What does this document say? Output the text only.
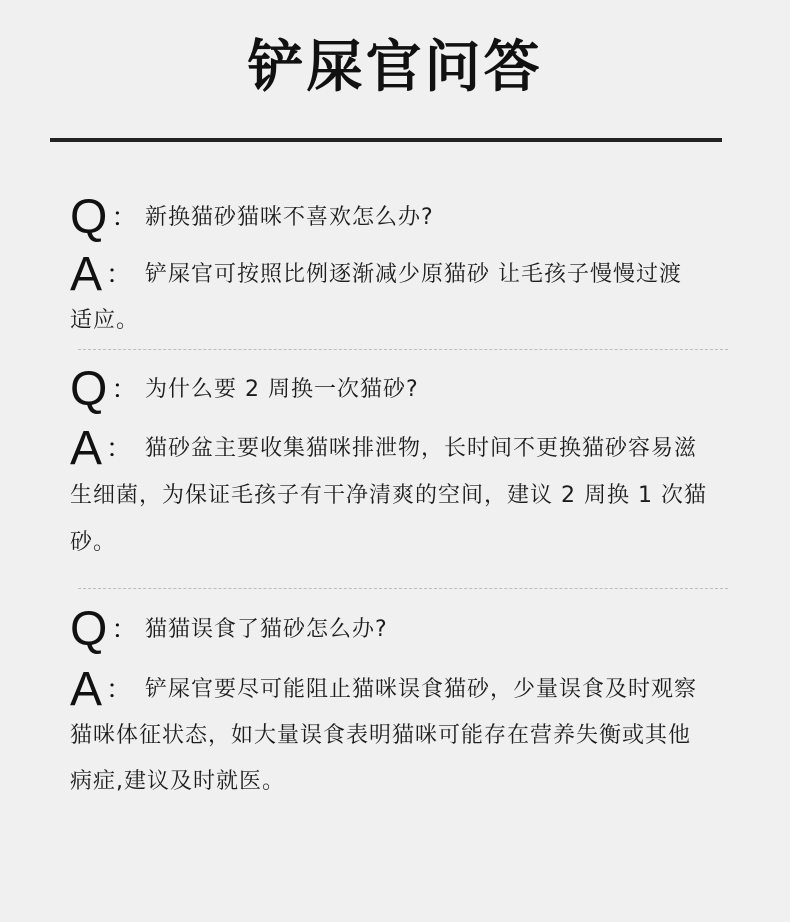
铲屎官问答
Q ： 新换猫砂猫咪不喜欢怎么办?
A ： 铲屎官可按照比例逐渐减少原猫砂 让毛孩子慢慢过渡
适应。
Q ： 为什么要 2 周换一次猫砂?
A ： 猫砂盆主要收集猫咪排泄物，长时间不更换猫砂容易滋
生细菌，为保证毛孩子有干净清爽的空间，建议 2 周换 1 次猫
砂。
Q ： 猫猫误食了猫砂怎么办?
A ： 铲屎官要尽可能阻止猫咪误食猫砂，少量误食及时观察
猫咪体征状态，如大量误食表明猫咪可能存在营养失衡或其他
病症,建议及时就医。
